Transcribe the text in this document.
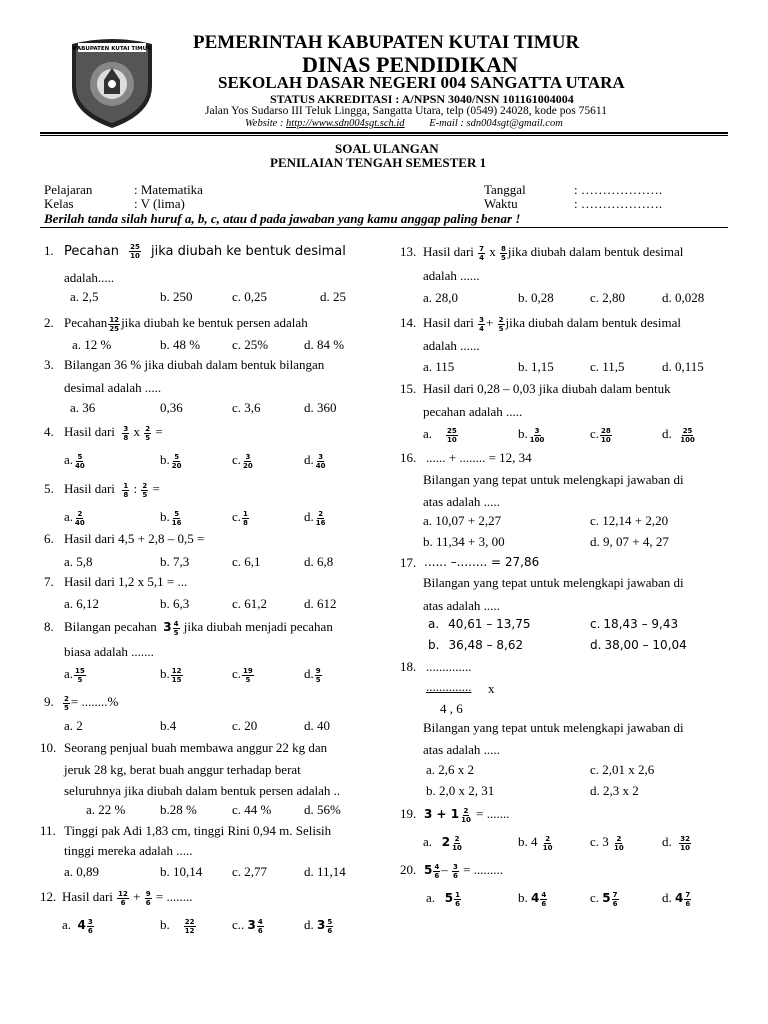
KABUPATEN KUTAI TIMUR PEMERINTAH KABUPATEN KUTAI TIMUR
DINAS PENDIDIKAN
SEKOLAH DASAR NEGERI 004 SANGATTA UTARA
STATUS AKREDITASI : A/NPSN 3040/NSN 101161004004
Jalan Yos Sudarso III Teluk Lingga, Sangatta Utara, telp (0549) 24028, kode pos 75611
Website : http://www.sdn004sgt.sch.id E-mail : sdn004sgt@gmail.com
SOAL ULANGAN
PENILAIAN TENGAH SEMESTER 1
Pelajaran	: Matematika
Kelas	: V (lima)
Tanggal	: ……………….
Waktu	: ……………….
Berilah tanda silah huruf a, b, c, atau d pada jawaban yang kamu anggap paling benar !
1. Pecahan $\frac{25}{10}$ jika diubah ke bentuk desimal
adalah.....
a. 2,5	b. 250	c. 0,25	d. 25
2. Pecahan $\frac{12}{25}$ jika diubah ke bentuk persen adalah
a. 12 %	b. 48 % c. 25%	d. 84 %
3. Bilangan 36 % jika diubah dalam bentuk bilangan
desimal adalah .....
a. 36	0,36	c. 3,6	d. 360
4. Hasil dari $\frac{3}{8}$ x $\frac{2}{5}$ =
a. $\frac{5}{40}$	b. $\frac{5}{20}$	c. $\frac{3}{20}$	d. $\frac{3}{40}$
5. Hasil dari $\frac{1}{8}$ : $\frac{2}{5}$ =
a. $\frac{2}{40}$	b. $\frac{5}{16}$	c. $\frac{1}{8}$	d. $\frac{2}{16}$
6. Hasil dari 4,5 + 2,8 – 0,5 =
a. 5,8	b. 7,3	c. 6,1	d. 6,8
7. Hasil dari 1,2 x 5,1 = ...
a. 6,12	b. 6,3	c. 61,2	d. 612
8. Bilangan pecahan $3 \frac{4}{5}$ jika diubah menjadi pecahan
biasa adalah .......
a. $\frac{15}{5}$	b. $\frac{12}{15}$	c. $\frac{19}{5}$	d. $\frac{9}{5}$
9. $\frac{2}{5}$ = ........%
a. 2	b.4	c. 20	d. 40
10. Seorang penjual buah membawa anggur 22 kg dan
jeruk 28 kg, berat buah anggur terhadap berat
seluruhnya jika diubah dalam bentuk persen adalah ..
a. 22 %	b.28 %	c. 44 %	d. 56%
11. Tinggi pak Adi 1,83 cm, tinggi Rini 0,94 m. Selisih
tinggi mereka adalah .....
a. 0,89	b. 10,14 c. 2,77	d. 11,14
12. Hasil dari $\frac{12}{6} + \frac{9}{6}$ = ........
a. $4 \frac{3}{6}$	b. $\frac{22}{12}$	c.. $3 \frac{4}{6}$	d. $3 \frac{5}{6}$
13. Hasil dari $\frac{7}{4}$ x $\frac{8}{5}$ jika diubah dalam bentuk desimal
adalah ......
a. 28,0	b. 0,28	c. 2,80	d. 0,028
14. Hasil dari $\frac{3}{4} + \frac{2}{5}$ jika diubah dalam bentuk desimal
adalah ......
a. 115	b. 1,15	c. 11,5	d. 0,115
15. Hasil dari 0,28 – 0,03 jika diubah dalam bentuk
pecahan adalah .....
a. $\frac{25}{10}$	b. $\frac{3}{100}$	c. $\frac{28}{10}$	d. $\frac{25}{100}$
16. ...... + ........ = 12, 34
Bilangan yang tepat untuk melengkapi jawaban di
atas adalah .....
a. 10,07 + 2,27	c. 12,14 + 2,20
b. 11,34 + 3, 00	d. 9, 07 + 4, 27
17. ...... –........ = 27,86
Bilangan yang tepat untuk melengkapi jawaban di
atas adalah .....
a. 40,61 – 13,75	c. 18,43 – 9,43
b. 36,48 – 8,62	d. 38,00 – 10,04
18. ..............
.............. x
4 , 6
Bilangan yang tepat untuk melengkapi jawaban di
atas adalah .....
a. 2,6 x 2	c. 2,01 x 2,6
b. 2,0 x 2, 31	d. 2,3 x 2
19. $3 + 1 \frac{2}{10}$ = .......
a. $2 \frac{2}{10}$	b. $4 \frac{2}{10}$	c. $3 \frac{2}{10}$	d. $\frac{32}{10}$
20. $5 \frac{4}{6} - \frac{3}{6}$ = .........
a. $5 \frac{1}{6}$	b. $4 \frac{4}{6}$	c. $5 \frac{7}{6}$	d. $4 \frac{7}{6}$
